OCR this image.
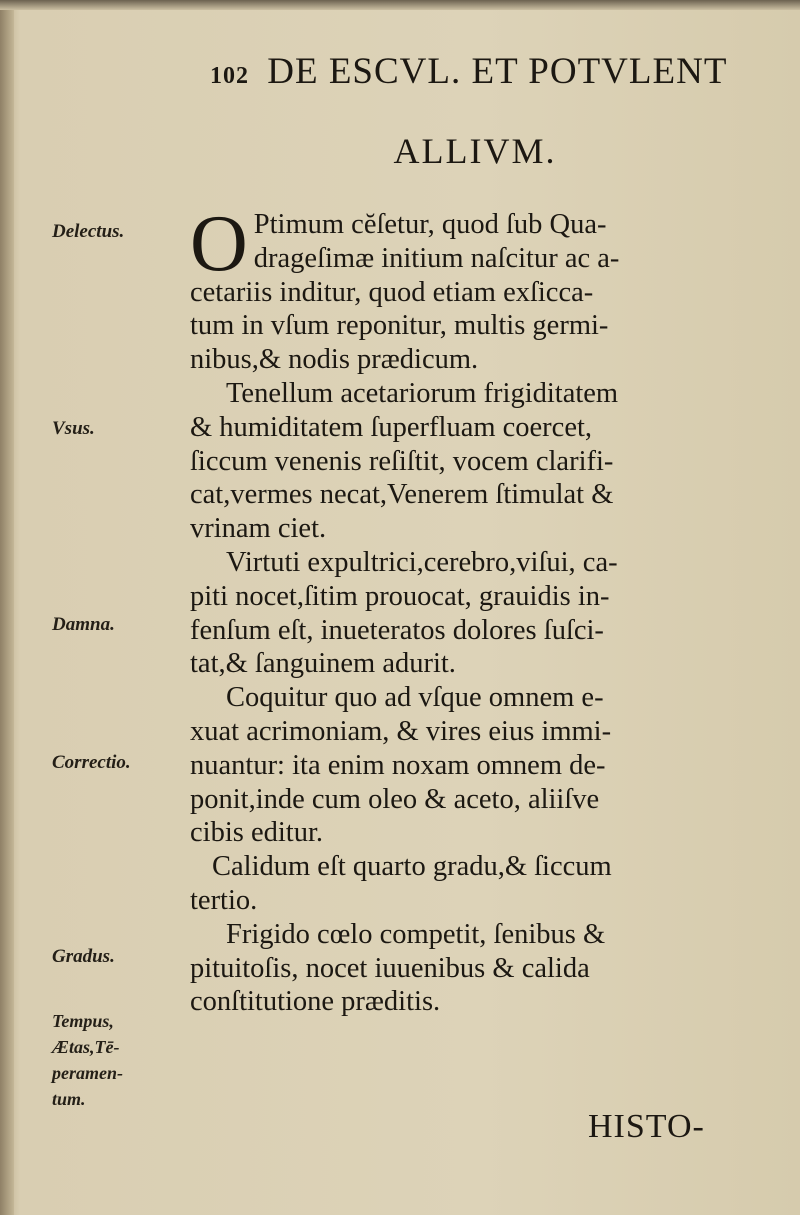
102 DE ESCVL. ET POTVLENT
ALLIVM.
Delectus.
Vsus.
Damna.
Correctio.
Gradus.
Tempus,
Ætas,Tē-
peramen-
tum.
O Ptimum cĕſetur, quod ſub Qua-
drageſimæ initium naſcitur ac a-
cetariis inditur, quod etiam exſicca-
tum in vſum reponitur, multis germi-
nibus,& nodis prædicum.
Tenellum acetariorum frigiditatem
& humiditatem ſuperfluam coercet,
ſiccum venenis reſiſtit, vocem clarifi-
cat,vermes necat,Venerem ſtimulat &
vrinam ciet.
Virtuti expultrici,cerebro,viſui, ca-
piti nocet,ſitim prouocat, grauidis in-
fenſum eſt, inueteratos dolores ſuſci-
tat,& ſanguinem adurit.
Coquitur quo ad vſque omnem e-
xuat acrimoniam, & vires eius immi-
nuantur: ita enim noxam omnem de-
ponit,inde cum oleo & aceto, aliiſve
cibis editur.
Calidum eſt quarto gradu,& ſiccum
tertio.
Frigido cœlo competit, ſenibus &
pituitoſis, nocet iuuenibus & calida
conſtitutione præditis.
HISTO-
